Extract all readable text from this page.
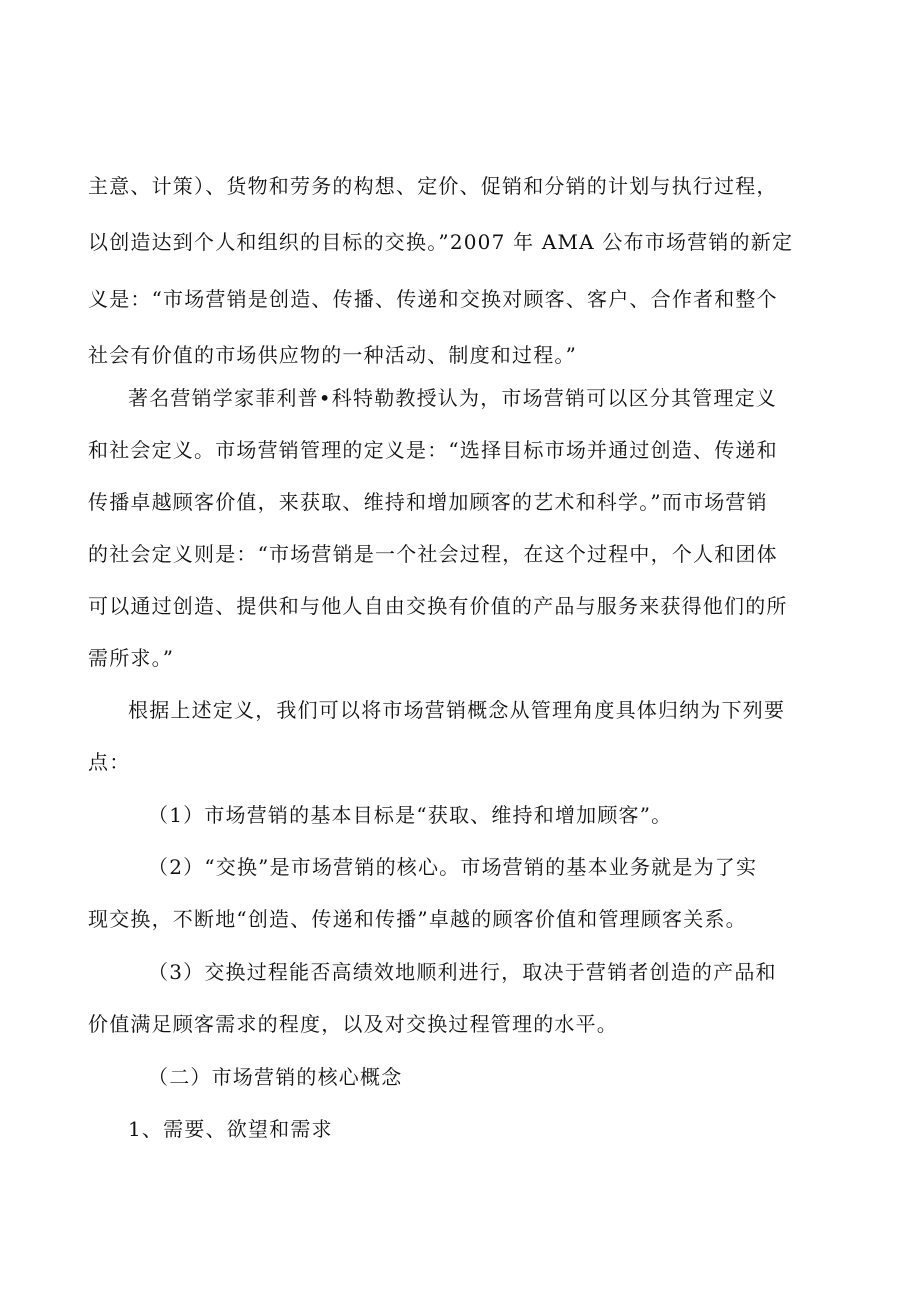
主意、计策）、货物和劳务的构想、定价、促销和分销的计划与执行过程，

以创造达到个人和组织的目标的交换。”2007 年 AMA 公布市场营销的新定

义是：“市场营销是创造、传播、传递和交换对顾客、客户、合作者和整个

社会有价值的市场供应物的一种活动、制度和过程。”

著名营销学家菲利普•科特勒教授认为，市场营销可以区分其管理定义

和社会定义。市场营销管理的定义是：“选择目标市场并通过创造、传递和

传播卓越顾客价值，来获取、维持和增加顾客的艺术和科学。”而市场营销

的社会定义则是：“市场营销是一个社会过程，在这个过程中，个人和团体

可以通过创造、提供和与他人自由交换有价值的产品与服务来获得他们的所

需所求。”

根据上述定义，我们可以将市场营销概念从管理角度具体归纳为下列要

点：

（1）市场营销的基本目标是“获取、维持和增加顾客”。

（2）“交换”是市场营销的核心。市场营销的基本业务就是为了实

现交换，不断地“创造、传递和传播”卓越的顾客价值和管理顾客关系。

（3）交换过程能否高绩效地顺利进行，取决于营销者创造的产品和

价值满足顾客需求的程度，以及对交换过程管理的水平。

（二）市场营销的核心概念

1、需要、欲望和需求
